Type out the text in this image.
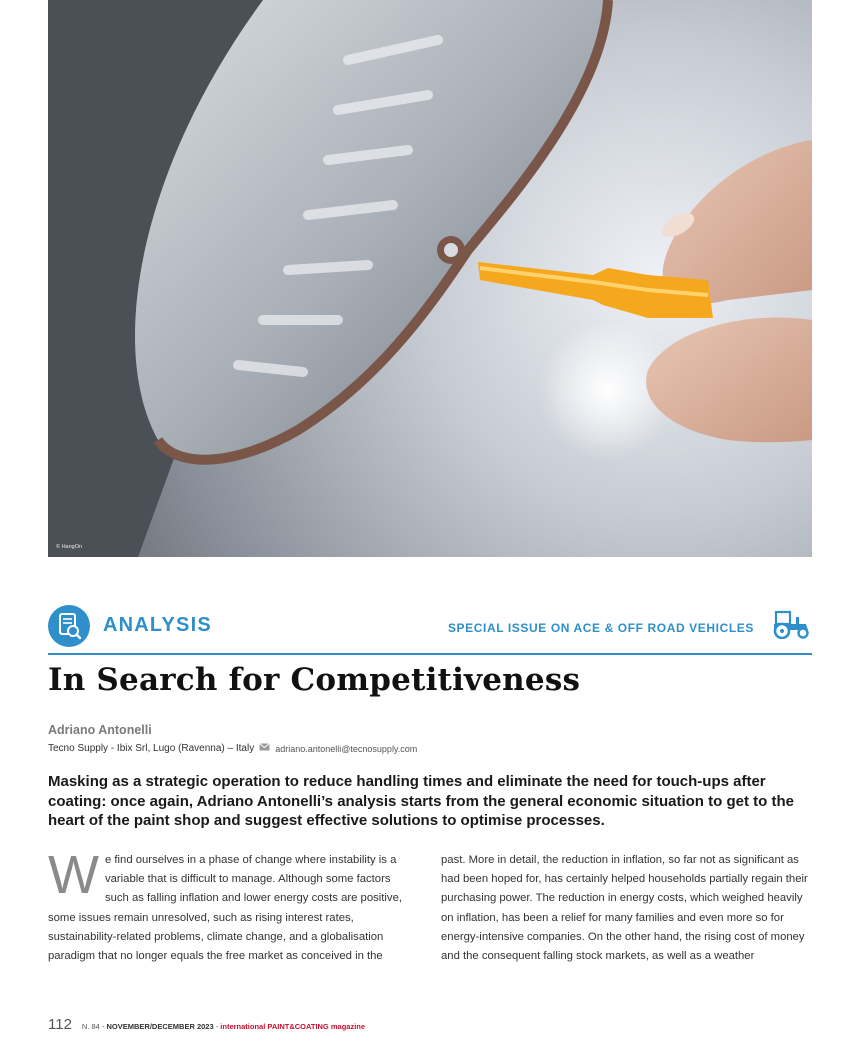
© HangOn
ANALYSIS	SPECIAL ISSUE ON ACE & OFF ROAD VEHICLES
In Search for Competitiveness
Adriano Antonelli
Tecno Supply - Ibix Srl, Lugo (Ravenna) – Italy adriano.antonelli@tecnosupply.com

Masking as a strategic operation to reduce handling times and eliminate the need for touch-ups after coating: once again, Adriano Antonelli’s analysis starts from the general economic situation to get to the heart of the paint shop and suggest effective solutions to optimise processes.

We find ourselves in a phase of change where instability is a variable that is difficult to manage. Although some factors such as falling inflation and lower energy costs are positive, some issues remain unresolved, such as rising interest rates, sustainability-related problems, climate change, and a globalisation paradigm that no longer equals the free market as conceived in the

past. More in detail, the reduction in inflation, so far not as significant as had been hoped for, has certainly helped households partially regain their purchasing power. The reduction in energy costs, which weighed heavily on inflation, has been a relief for many families and even more so for energy-intensive companies. On the other hand, the rising cost of money and the consequent falling stock markets, as well as a weather

112 N. 84 - NOVEMBER/DECEMBER 2023 - international PAINT&COATING magazine
